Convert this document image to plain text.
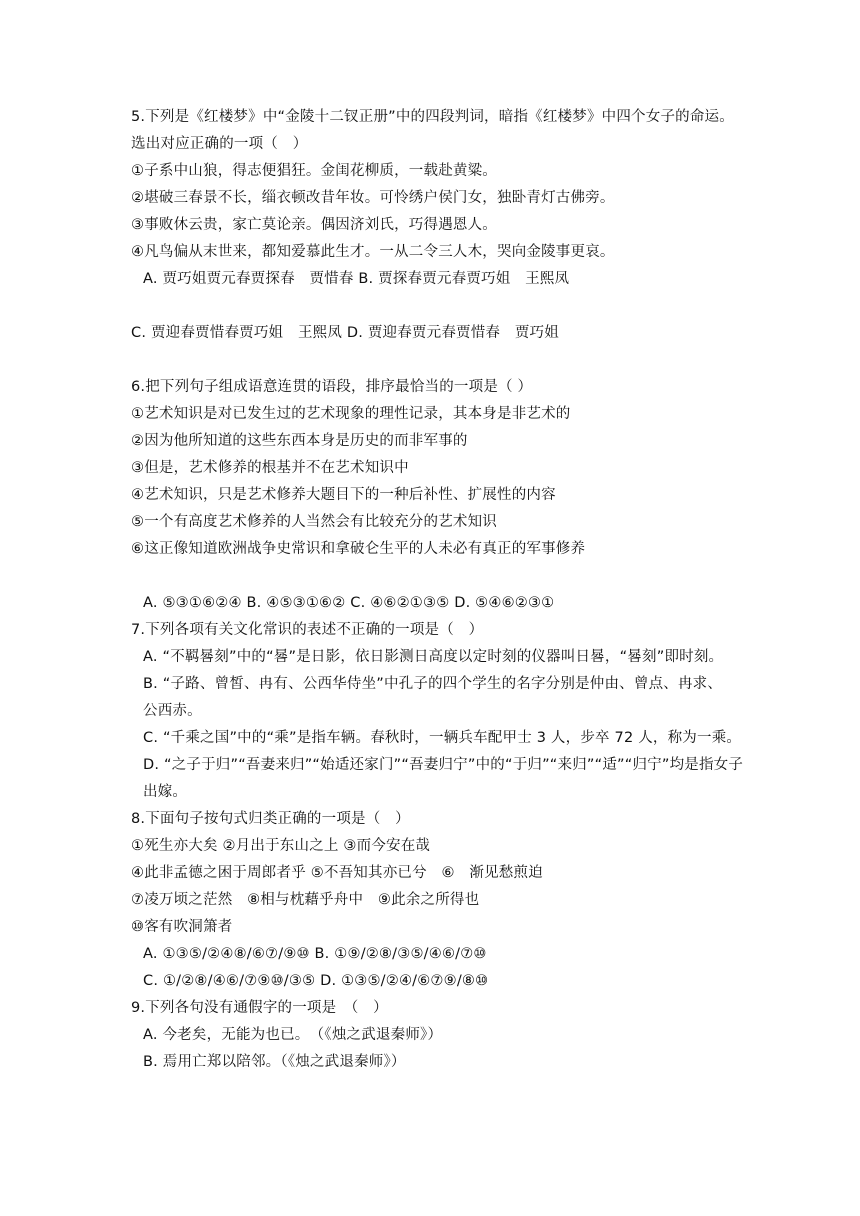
5.下列是《红楼梦》中“金陵十二钗正册”中的四段判词，暗指《红楼梦》中四个女子的命运。
选出对应正确的一项（　）
①子系中山狼，得志便猖狂。金闺花柳质，一载赴黄粱。
②堪破三春景不长，缁衣顿改昔年妆。可怜绣户侯门女，独卧青灯古佛旁。
③事败休云贵，家亡莫论亲。偶因济刘氏，巧得遇恩人。
④凡鸟偏从末世来，都知爱慕此生才。一从二令三人木，哭向金陵事更哀。
A. 贾巧姐贾元春贾探春　贾惜春 B. 贾探春贾元春贾巧姐　王熙凤
C. 贾迎春贾惜春贾巧姐　王熙凤 D. 贾迎春贾元春贾惜春　贾巧姐
6.把下列句子组成语意连贯的语段，排序最恰当的一项是（ ）
①艺术知识是对已发生过的艺术现象的理性记录，其本身是非艺术的
②因为他所知道的这些东西本身是历史的而非军事的
③但是，艺术修养的根基并不在艺术知识中
④艺术知识，只是艺术修养大题目下的一种后补性、扩展性的内容
⑤一个有高度艺术修养的人当然会有比较充分的艺术知识
⑥这正像知道欧洲战争史常识和拿破仑生平的人未必有真正的军事修养
A. ⑤③①⑥②④ B. ④⑤③①⑥② C. ④⑥②①③⑤ D. ⑤④⑥②③①
7.下列各项有关文化常识的表述不正确的一项是（　）
A. “不羁晷刻”中的“晷”是日影，依日影测日高度以定时刻的仪器叫日晷，“晷刻”即时刻。
B. “子路、曾皙、冉有、公西华侍坐”中孔子的四个学生的名字分别是仲由、曾点、冉求、
公西赤。
C. “千乘之国”中的“乘”是指车辆。春秋时，一辆兵车配甲士 3 人，步卒 72 人，称为一乘。
D. “之子于归”“吾妻来归”“始适还家门”“吾妻归宁”中的“于归”“来归”“适”“归宁”均是指女子
出嫁。
8.下面句子按句式归类正确的一项是（　）
①死生亦大矣 ②月出于东山之上 ③而今安在哉
④此非孟德之困于周郎者乎 ⑤不吾知其亦已兮　⑥　渐见愁煎迫
⑦凌万顷之茫然　⑧相与枕藉乎舟中　⑨此余之所得也
⑩客有吹洞箫者
A. ①③⑤/②④⑧/⑥⑦/⑨⑩ B. ①⑨/②⑧/③⑤/④⑥/⑦⑩
C. ①/②⑧/④⑥/⑦⑨⑩/③⑤ D. ①③⑤/②④/⑥⑦⑨/⑧⑩
9.下列各句没有通假字的一项是　（　）
A. 今老矣，无能为也已。　（《烛之武退秦师》）
B. 焉用亡郑以陪邻。（《烛之武退秦师》）
